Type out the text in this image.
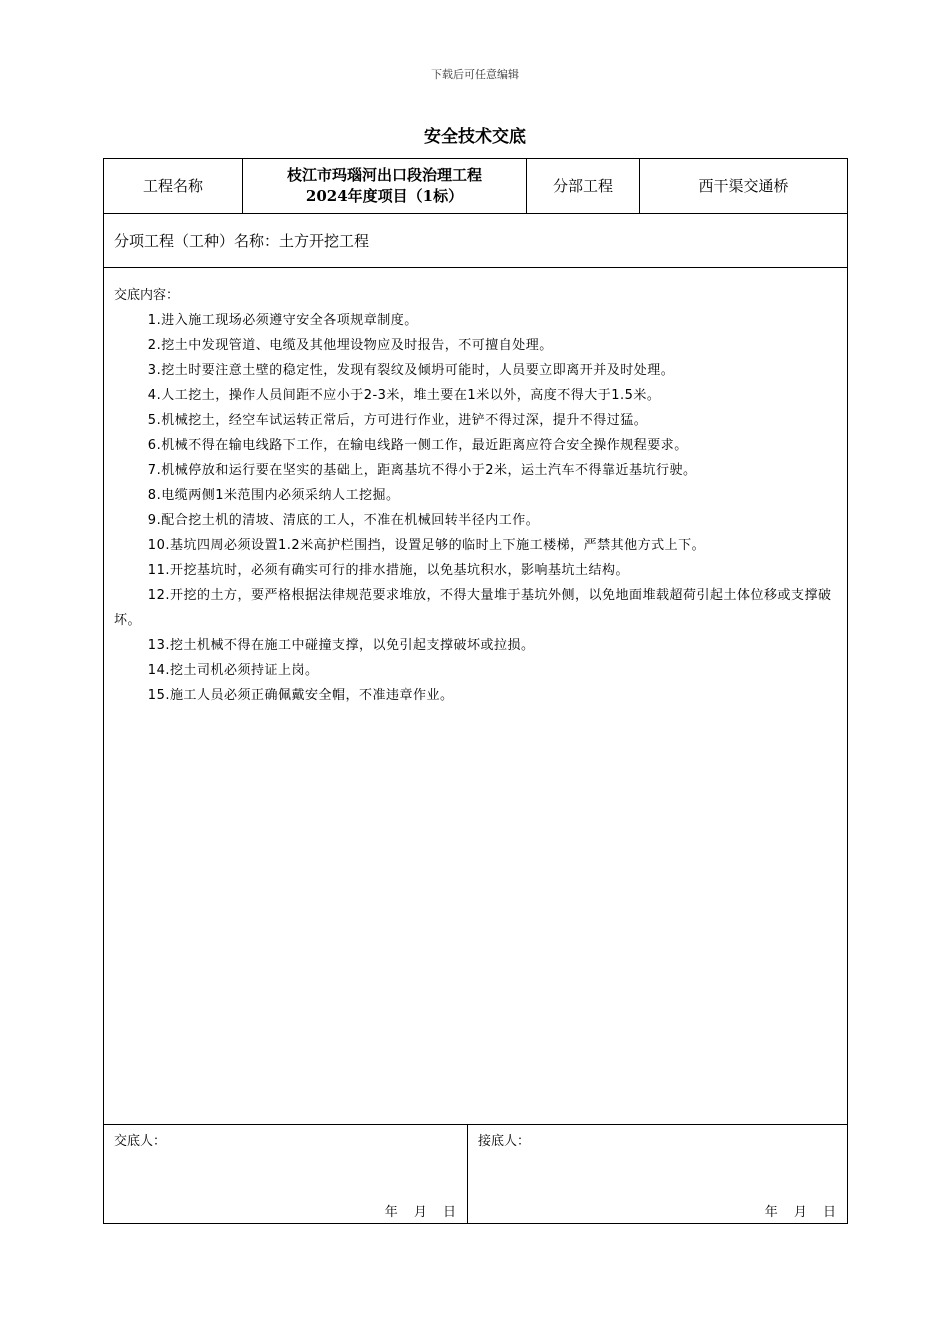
下载后可任意编辑
安全技术交底
工程名称
枝江市玛瑙河出口段治理工程
2024年度项目（1标）
分部工程	西干渠交通桥
分项工程（工种）名称：土方开挖工程

交底内容：

1.进入施工现场必须遵守安全各项规章制度。
2.挖土中发现管道、电缆及其他埋设物应及时报告，不可擅自处理。
3.挖土时要注意土壁的稳定性，发现有裂纹及倾坍可能时，人员要立即离开并及时处理。
4.人工挖土，操作人员间距不应小于2-3米，堆土要在1米以外，高度不得大于1.5米。
5.机械挖土，经空车试运转正常后，方可进行作业，进铲不得过深，提升不得过猛。
6.机械不得在输电线路下工作，在输电线路一侧工作，最近距离应符合安全操作规程要求。
7.机械停放和运行要在坚实的基础上，距离基坑不得小于2米，运土汽车不得靠近基坑行驶。
8.电缆两侧1米范围内必须采纳人工挖掘。
9.配合挖土机的清坡、清底的工人，不准在机械回转半径内工作。
10.基坑四周必须设置1.2米高护栏围挡，设置足够的临时上下施工楼梯，严禁其他方式上下。
11.开挖基坑时，必须有确实可行的排水措施，以免基坑积水，影响基坑土结构。
12.开挖的土方，要严格根据法律规范要求堆放，不得大量堆于基坑外侧，以免地面堆载超荷引起土体位移或支撑破坏。
13.挖土机械不得在施工中碰撞支撑，以免引起支撑破坏或拉损。
14.挖土司机必须持证上岗。
15.施工人员必须正确佩戴安全帽，不准违章作业。
交底人：
年 月 日
接底人：
年 月 日
